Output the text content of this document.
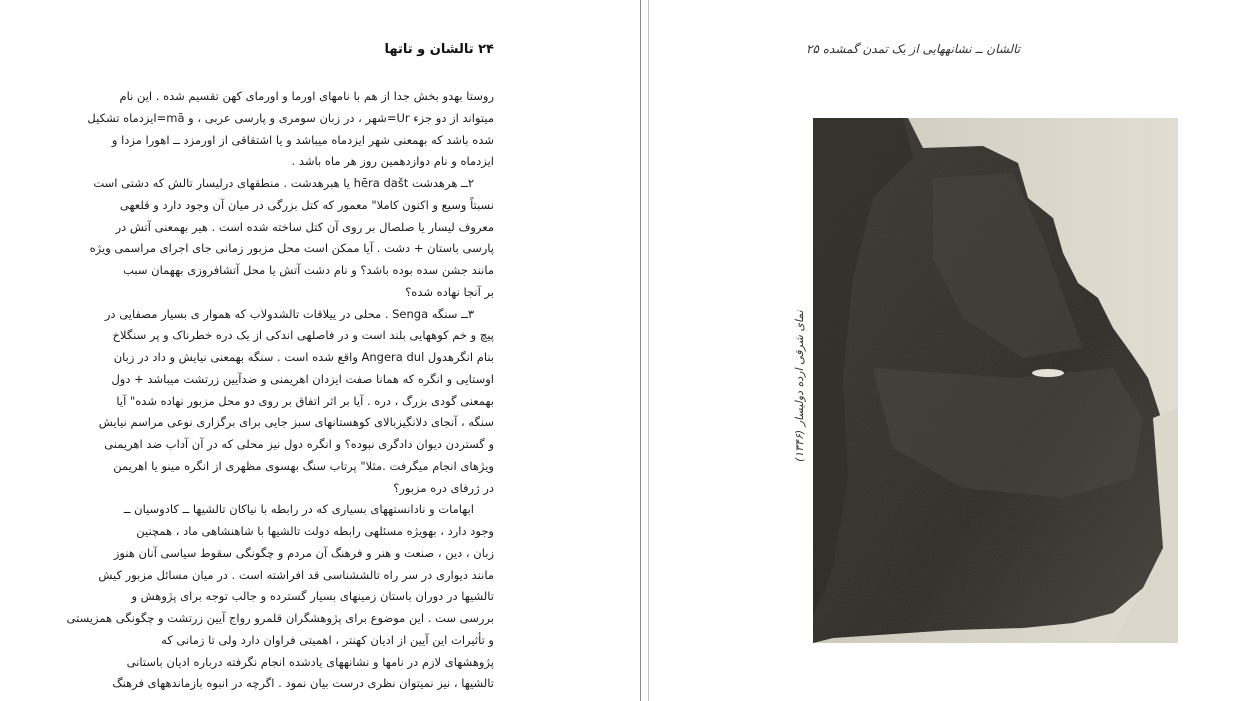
۲۴ تالشان و تاتها
روستا بهدو بخش جدا از هم با نامهای اورما و اورمای کهن تقسیم شده . این نام
میتواند از دو جزء Ur=شهر ، در زبان سومری و پارسی عربی ، و mā=ایزدماه تشکیل
شده باشد که بهمعنی شهر ایزدماه میباشد و یا اشتقاقی از اورمزد ــ اهورا مزدا و
ایزدماه و نام دوازدهمین روز هر ماه باشد .
۲ــ هرهدشت hēra dašt یا هبرهدشت . منطقهای درلیسار تالش که دشتی است
نسبتاً وسیع و اکنون کاملا" معمور که کتل بزرگی در میان آن وجود دارد و قلعهی
معروف لیسار یا صلصال بر روی آن کتل ساخته شده است . هیر بهمعنی آتش در
پارسی باستان + دشت . آیا ممکن است محل مزبور زمانی جای اجرای مراسمی ویژه
مانند جشن سده بوده باشد؟ و نام دشت آتش یا محل آتشافروزی بههمان سبب
بر آنجا نهاده شده؟
۳ــ سنگه Senga . محلی در ییلاقات تالشدولاب که هموار ی بسیار مصفایی در
پیچ و خم کوههایی بلند است و در فاصلهی اندکی از یک دره خطرناک و پر سنگلاخ
بنام انگرهدول Angera dul واقع شده است . سنگه بهمعنی نیایش و داد در زبان
اوستایی و انگره که همانا صفت ایزدان اهریمنی و ضدآیین زرتشت میباشد + دول
بهمعنی گودی بزرگ ، دره . آیا بر اثر اتفاق بر روی دو محل مزبور نهاده شده" آیا
سنگه ، آنجای دلانگیزبالای کوهستانهای سبز جایی برای برگزاری نوعی مراسم نیایش
و گستردن دیوان دادگری نبوده؟ و انگره دول نیز محلی که در آن آداب ضد اهریمنی
ویژهای انجام میگرفت .مثلا" پرتاب سنگ بهسوی مظهری از انگره مینو یا اهریمن
در ژرفای دره مزبور؟
ابهامات و نادانستههای بسیاری که در رابطه با نیاکان تالشیها ــ کادوسیان ــ
وجود دارد ، بهویژه مسئلهی رابطه دولت تالشیها با شاهنشاهی ماد ، همچنین
زبان ، دین ، صنعت و هنر و فرهنگ آن مردم و چگونگی سقوط سیاسی آنان هنوز
مانند دیواری در سر راه تالششناسی قد افراشته است . در میان مسائل مزبور کیش
تالشیها در دوران باستان زمینهای بسیار گسترده و جالب توجه برای پژوهش و
بررسی ست . این موضوع برای پژوهشگران قلمرو رواج آیین زرتشت و چگونگی همزیستی
و تأثیرات این آیین از ادیان کهنتر ، اهمیتی فراوان دارد ولی تا زمانی که
پژوهشهای لازم در نامها و نشانههای یادشده انجام نگرفته درباره ادیان باستانی
تالشیها ، نیز نمیتوان نظری درست بیان نمود . اگرچه در انبوه بازماندههای فرهنگ
تالشان ــ نشانههایی از یک تمدن گمشده ۲۵
نمای شرقی ارده دولیسار (۱۳۴۶)
